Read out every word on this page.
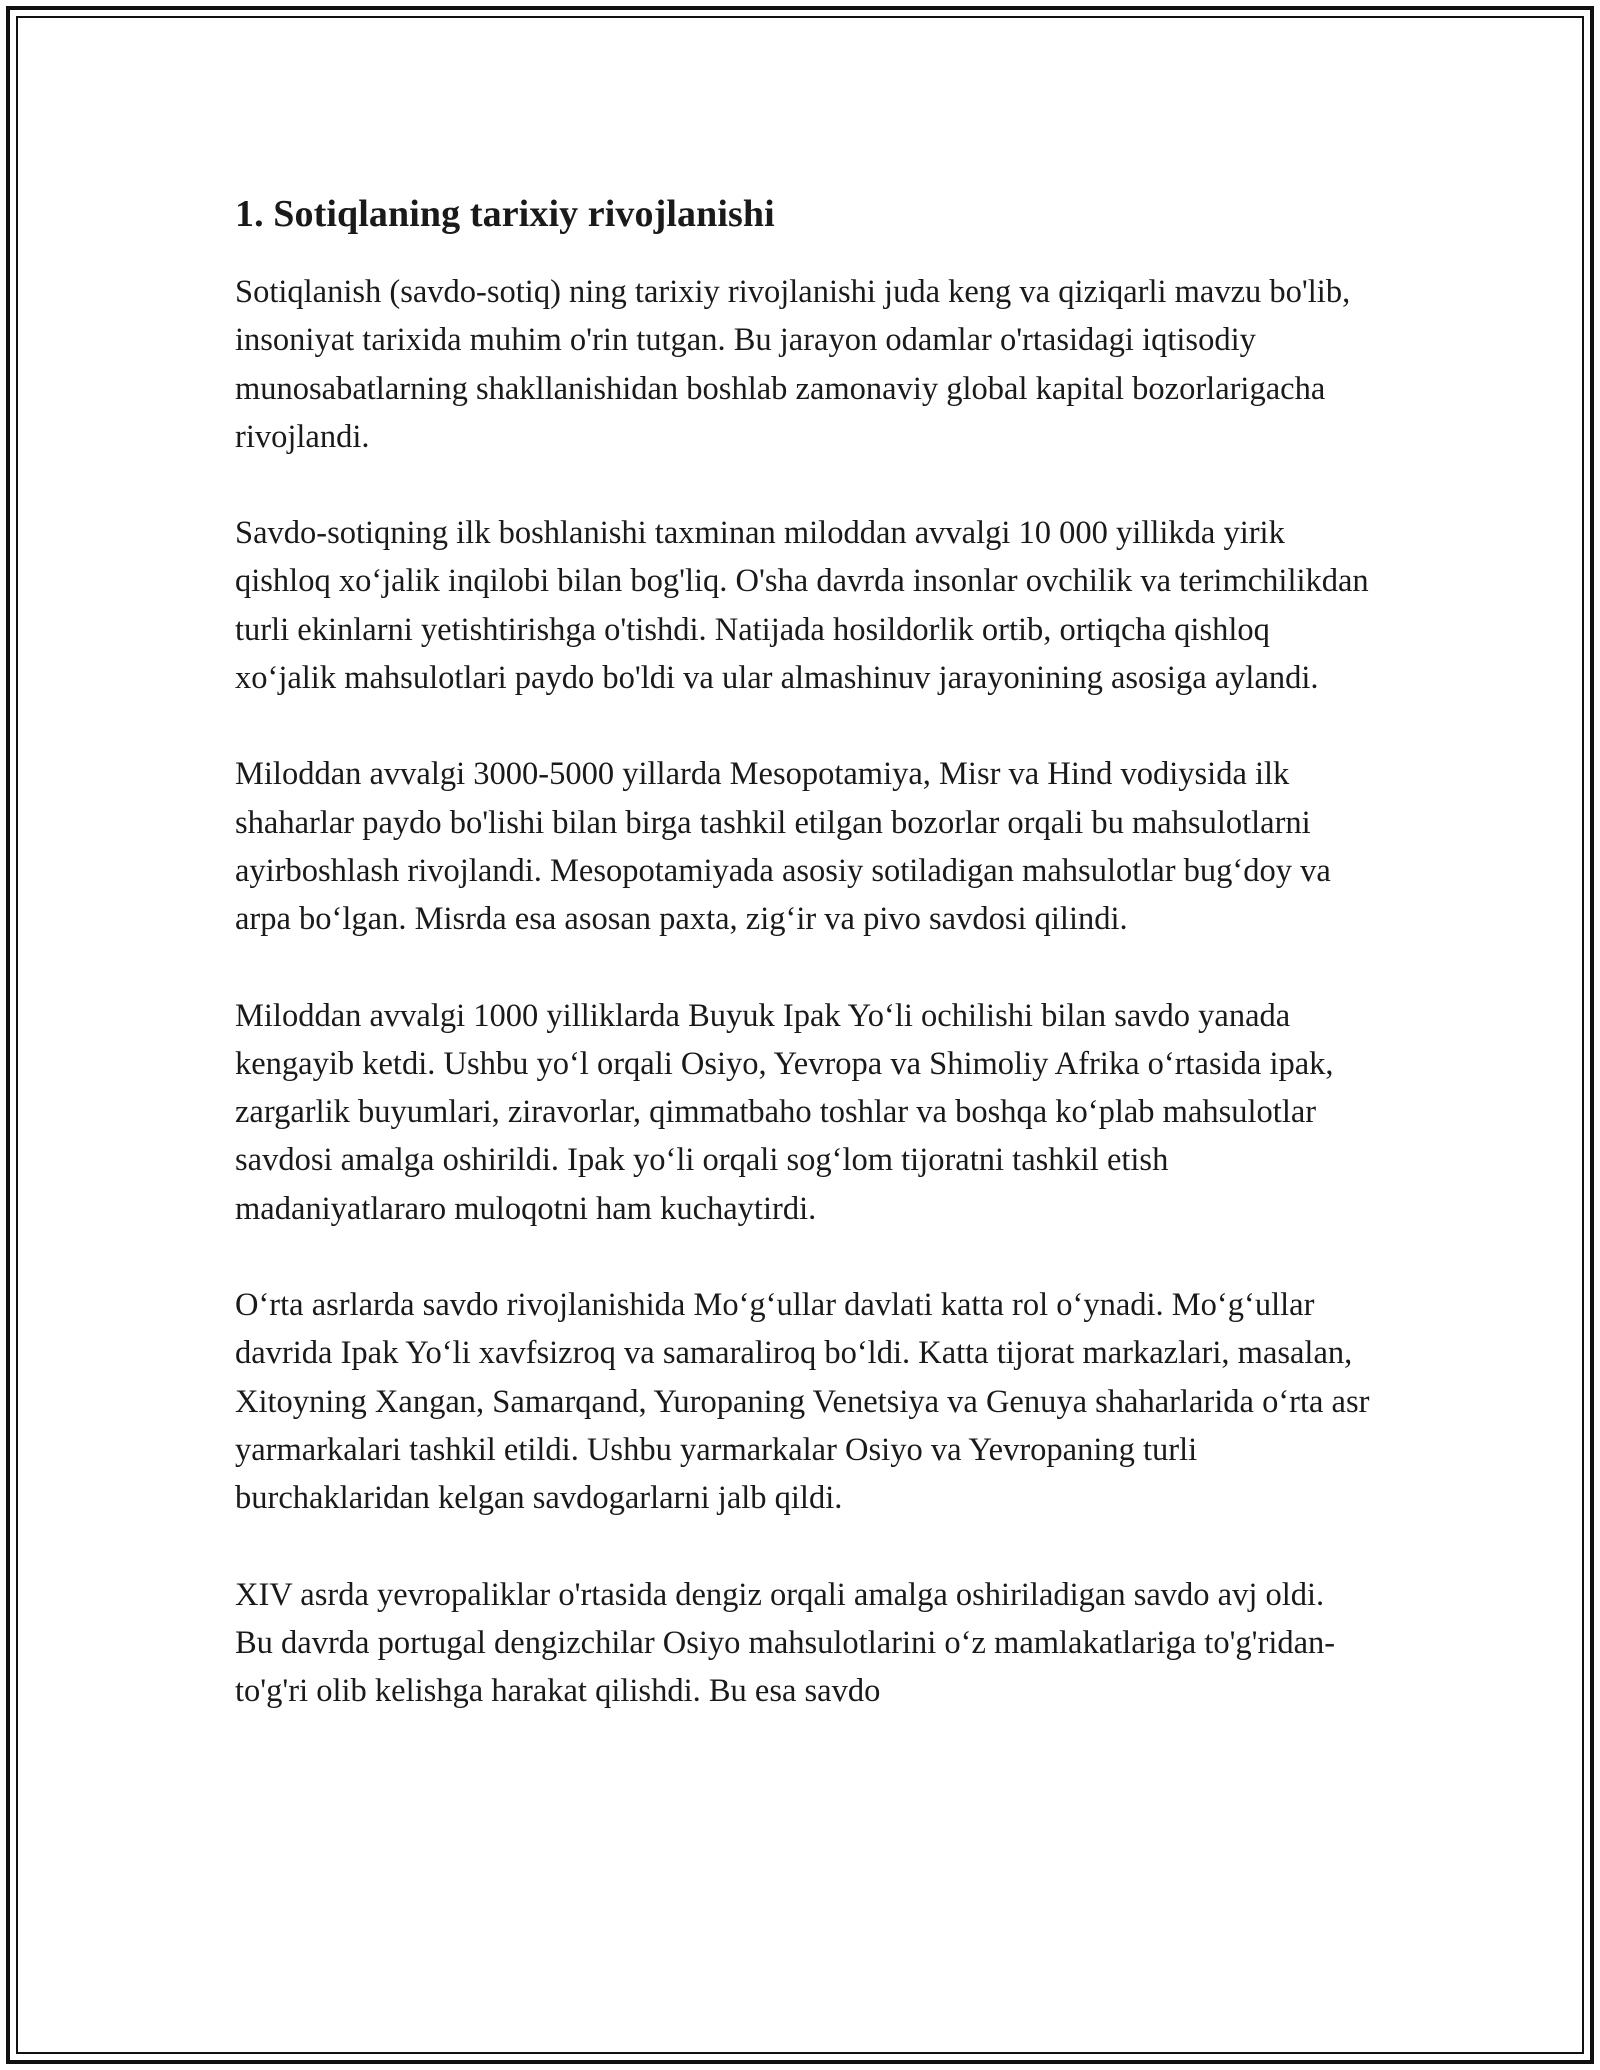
1. Sotiqlaning tarixiy rivojlanishi

Sotiqlanish (savdo-sotiq) ning tarixiy rivojlanishi juda keng va qiziqarli mavzu bo'lib, insoniyat tarixida muhim o'rin tutgan. Bu jarayon odamlar o'rtasidagi iqtisodiy munosabatlarning shakllanishidan boshlab zamonaviy global kapital bozorlarigacha rivojlandi.

Savdo-sotiqning ilk boshlanishi taxminan miloddan avvalgi 10 000 yillikda yirik qishloq xo‘jalik inqilobi bilan bog'liq. O'sha davrda insonlar ovchilik va terimchilikdan turli ekinlarni yetishtirishga o'tishdi. Natijada hosildorlik ortib, ortiqcha qishloq xo‘jalik mahsulotlari paydo bo'ldi va ular almashinuv jarayonining asosiga aylandi.

Miloddan avvalgi 3000-5000 yillarda Mesopotamiya, Misr va Hind vodiysida ilk shaharlar paydo bo'lishi bilan birga tashkil etilgan bozorlar orqali bu mahsulotlarni ayirboshlash rivojlandi. Mesopotamiyada asosiy sotiladigan mahsulotlar bug‘doy va arpa bo‘lgan. Misrda esa asosan paxta, zig‘ir va pivo savdosi qilindi.

Miloddan avvalgi 1000 yilliklarda Buyuk Ipak Yo‘li ochilishi bilan savdo yanada kengayib ketdi. Ushbu yo‘l orqali Osiyo, Yevropa va Shimoliy Afrika o‘rtasida ipak, zargarlik buyumlari, ziravorlar, qimmatbaho toshlar va boshqa ko‘plab mahsulotlar savdosi amalga oshirildi. Ipak yo‘li orqali sog‘lom tijoratni tashkil etish madaniyatlararo muloqotni ham kuchaytirdi.

O‘rta asrlarda savdo rivojlanishida Mo‘g‘ullar davlati katta rol o‘ynadi. Mo‘g‘ullar davrida Ipak Yo‘li xavfsizroq va samaraliroq bo‘ldi. Katta tijorat markazlari, masalan, Xitoyning Xangan, Samarqand, Yuropaning Venetsiya va Genuya shaharlarida o‘rta asr yarmarkalari tashkil etildi. Ushbu yarmarkalar Osiyo va Yevropaning turli burchaklaridan kelgan savdogarlarni jalb qildi.

XIV asrda yevropaliklar o'rtasida dengiz orqali amalga oshiriladigan savdo avj oldi. Bu davrda portugal dengizchilar Osiyo mahsulotlarini o‘z mamlakatlariga to'g'ridan-to'g'ri olib kelishga harakat qilishdi. Bu esa savdo
